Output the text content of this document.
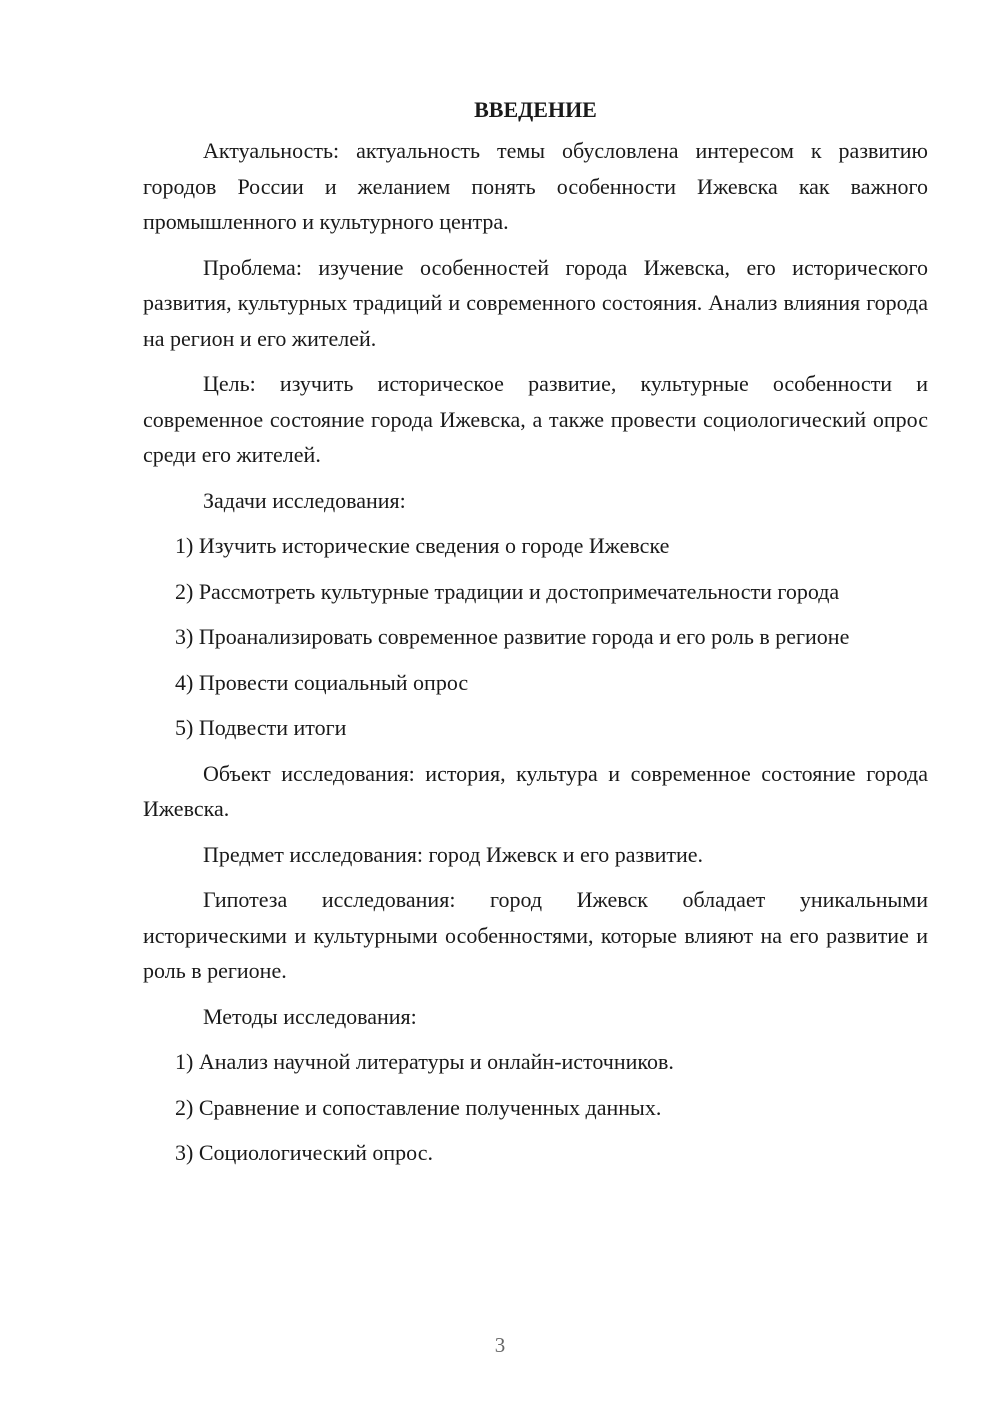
ВВЕДЕНИЕ

Актуальность: актуальность темы обусловлена интересом к развитию городов России и желанием понять особенности Ижевска как важного промышленного и культурного центра.

Проблема: изучение особенностей города Ижевска, его исторического развития, культурных традиций и современного состояния. Анализ влияния города на регион и его жителей.

Цель: изучить историческое развитие, культурные особенности и современное состояние города Ижевска, а также провести социологический опрос среди его жителей.

Задачи исследования:

1) Изучить исторические сведения о городе Ижевске

2) Рассмотреть культурные традиции и достопримечательности города

3) Проанализировать современное развитие города и его роль в регионе

4) Провести социальный опрос

5) Подвести итоги

Объект исследования: история, культура и современное состояние города Ижевска.

Предмет исследования: город Ижевск и его развитие.

Гипотеза исследования: город Ижевск обладает уникальными историческими и культурными особенностями, которые влияют на его развитие и роль в регионе.

Методы исследования:

1) Анализ научной литературы и онлайн-источников.

2) Сравнение и сопоставление полученных данных.

3) Социологический опрос.

3
